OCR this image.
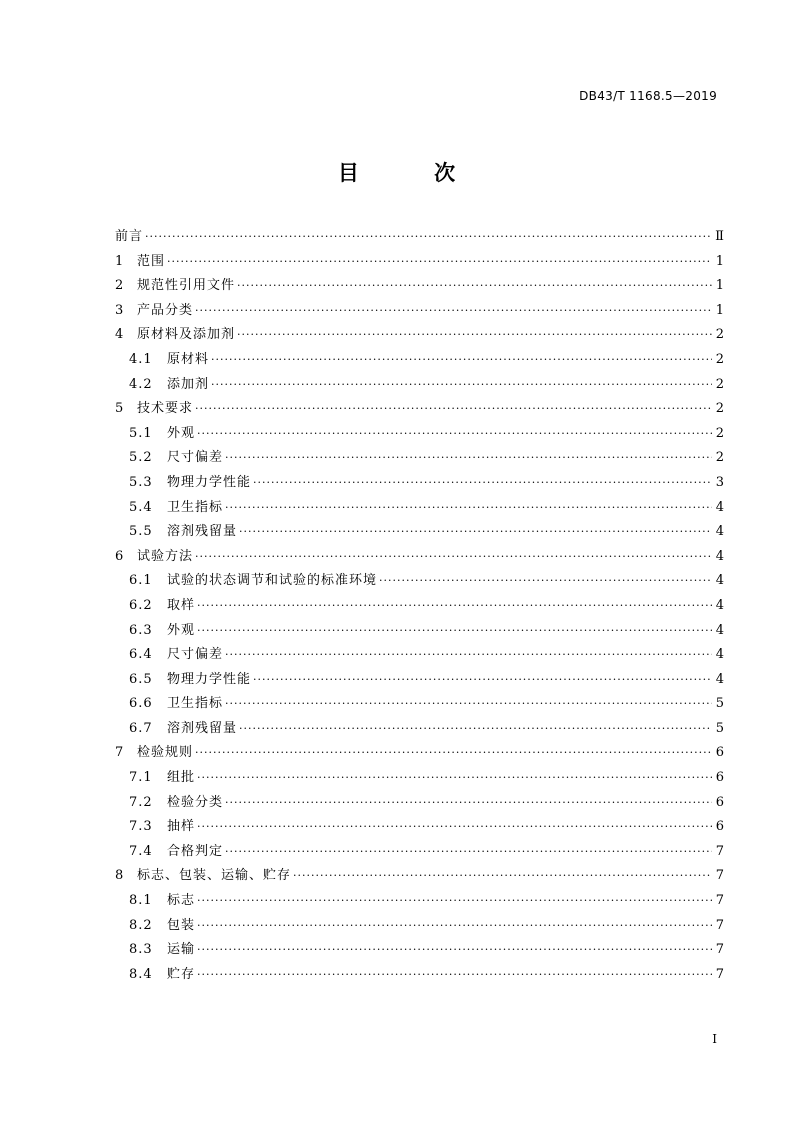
DB43/T 1168.5—2019
目 次
前言 ·····	Ⅱ
1	范围 ·····	1
2	规范性引用文件 ·····	1
3	产品分类 ·····	1
4	原材料及添加剂 ·····	2
4.1	原材料 ·····	2
4.2	添加剂 ·····	2
5	技术要求 ·····	2
5.1	外观 ·····	2
5.2	尺寸偏差 ·····	2
5.3	物理力学性能 ·····	3
5.4	卫生指标 ·····	4
5.5	溶剂残留量 ·····	4
6	试验方法 ·····	4
6.1	试验的状态调节和试验的标准环境 ·····	4
6.2	取样 ·····	4
6.3	外观 ·····	4
6.4	尺寸偏差 ·····	4
6.5	物理力学性能 ·····	4
6.6	卫生指标 ·····	5
6.7	溶剂残留量 ·····	5
7	检验规则 ·····	6
7.1	组批 ·····	6
7.2	检验分类 ·····	6
7.3	抽样 ·····	6
7.4	合格判定 ·····	7
8	标志、包装、运输、贮存 ·····	7
8.1	标志 ·····	7
8.2	包装 ·····	7
8.3	运输 ·····	7
8.4	贮存 ·····	7
I
